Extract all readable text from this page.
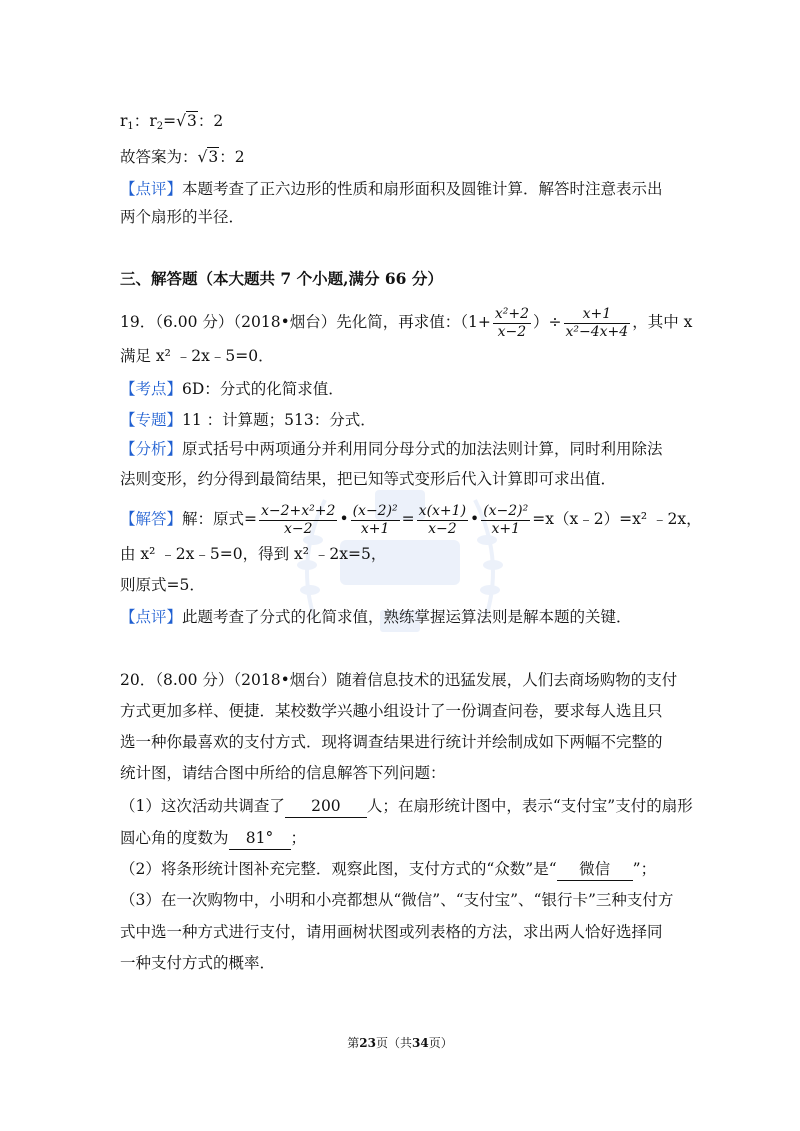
$r_1$：$r_2=√3$：2
故答案为：√3：2
【点评】本题考查了正六边形的性质和扇形面积及圆锥计算．解答时注意表示出
两个扇形的半径．
三、解答题（本大题共 7 个小题,满分 66 分）
19．（6.00 分）（2018•烟台）先化简，再求值：（$1+ \frac{\text{x²+2}}{x-2}$ ）÷ $\frac{x+1}{\text{x²−4x+4}}$ ，其中 x
满足 x² ﹣2x﹣5=0．
【考点】6D：分式的化简求值．
【专题】11 ：计算题；513：分式．
【分析】原式括号中两项通分并利用同分母分式的加法法则计算，同时利用除法
法则变形，约分得到最简结果，把已知等式变形后代入计算即可求出值．
【解答】解：原式= $\frac{\text{x−2+x²+2}}{x-2}$ • $\frac{\text{(x−2)²}}{x+1} = \frac{x(x+1)}{x-2}$ • $\frac{\text{(x−2)²}}{x+1}$ =x（x﹣2）=x² ﹣2x，
由 x² ﹣2x﹣5=0，得到 x² ﹣2x=5，
则原式=5．
【点评】此题考查了分式的化简求值，熟练掌握运算法则是解本题的关键．
20．（8.00 分）（2018•烟台）随着信息技术的迅猛发展，人们去商场购物的支付
方式更加多样、便捷．某校数学兴趣小组设计了一份调查问卷，要求每人选且只
选一种你最喜欢的支付方式．现将调查结果进行统计并绘制成如下两幅不完整的
统计图，请结合图中所给的信息解答下列问题：
（1）这次活动共调查了 200 人；在扇形统计图中，表示“支付宝”支付的扇形
圆心角的度数为 81° ；
（2）将条形统计图补充完整．观察此图，支付方式的“众数”是“ 微信 ”；
（3）在一次购物中，小明和小亮都想从“微信”、“支付宝”、“银行卡”三种支付方
式中选一种方式进行支付，请用画树状图或列表格的方法，求出两人恰好选择同
一种支付方式的概率．
第23页（共34页）
